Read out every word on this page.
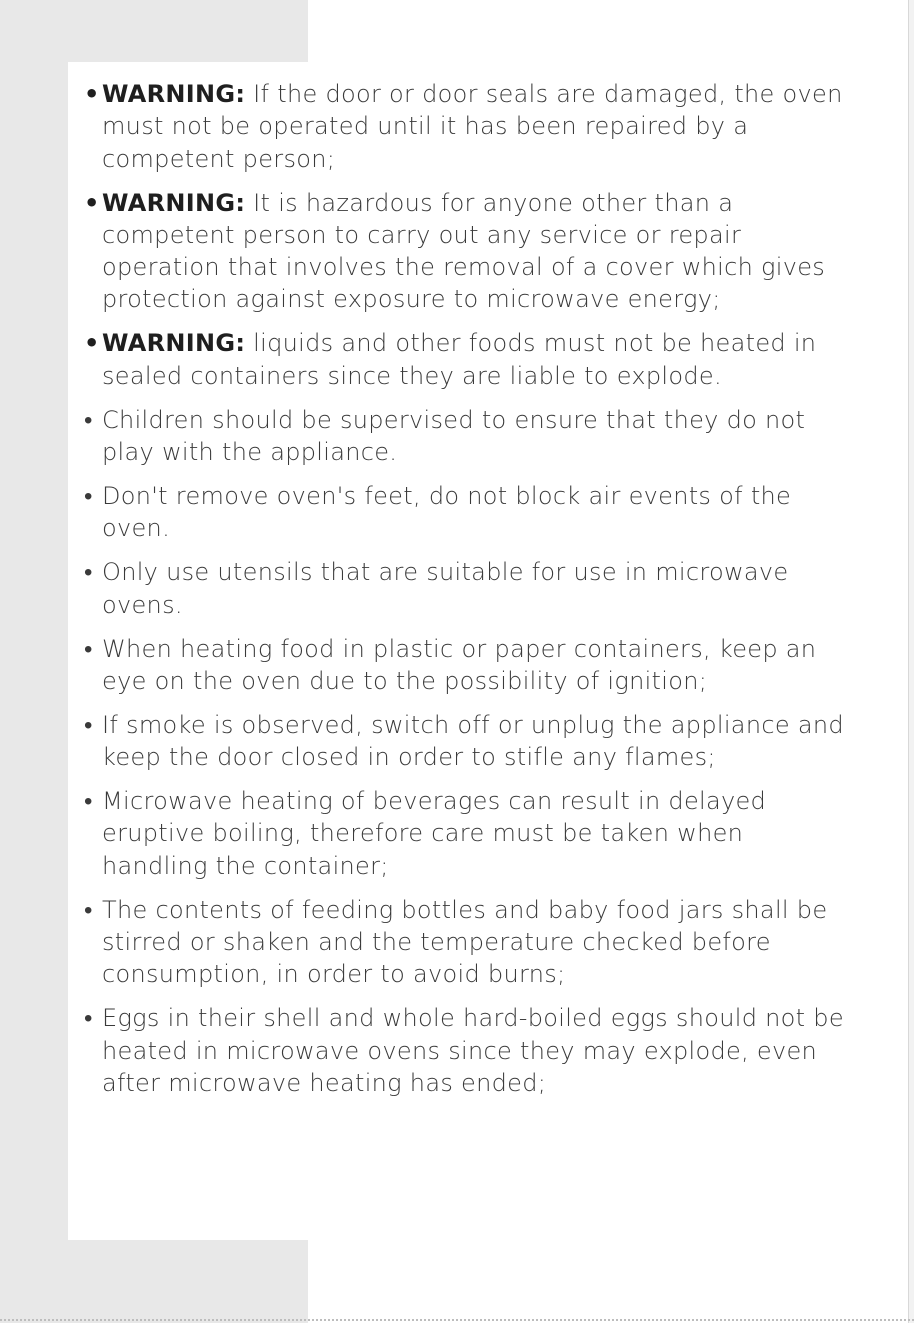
• WARNING: If the door or door seals are damaged, the oven must not be operated until it has been repaired by a competent person;
• WARNING: It is hazardous for anyone other than a competent person to carry out any service or repair operation that involves the removal of a cover which gives protection against exposure to microwave energy;
• WARNING: liquids and other foods must not be heated in sealed containers since they are liable to explode.
• Children should be supervised to ensure that they do not play with the appliance.
• Don't remove oven's feet, do not block air events of the oven.
• Only use utensils that are suitable for use in microwave ovens.
• When heating food in plastic or paper containers, keep an eye on the oven due to the possibility of ignition;
• If smoke is observed, switch off or unplug the appliance and keep the door closed in order to stifle any flames;
• Microwave heating of beverages can result in delayed eruptive boiling, therefore care must be taken when handling the container;
• The contents of feeding bottles and baby food jars shall be stirred or shaken and the temperature checked before consumption, in order to avoid burns;
• Eggs in their shell and whole hard-boiled eggs should not be heated in microwave ovens since they may explode, even after microwave heating has ended;
